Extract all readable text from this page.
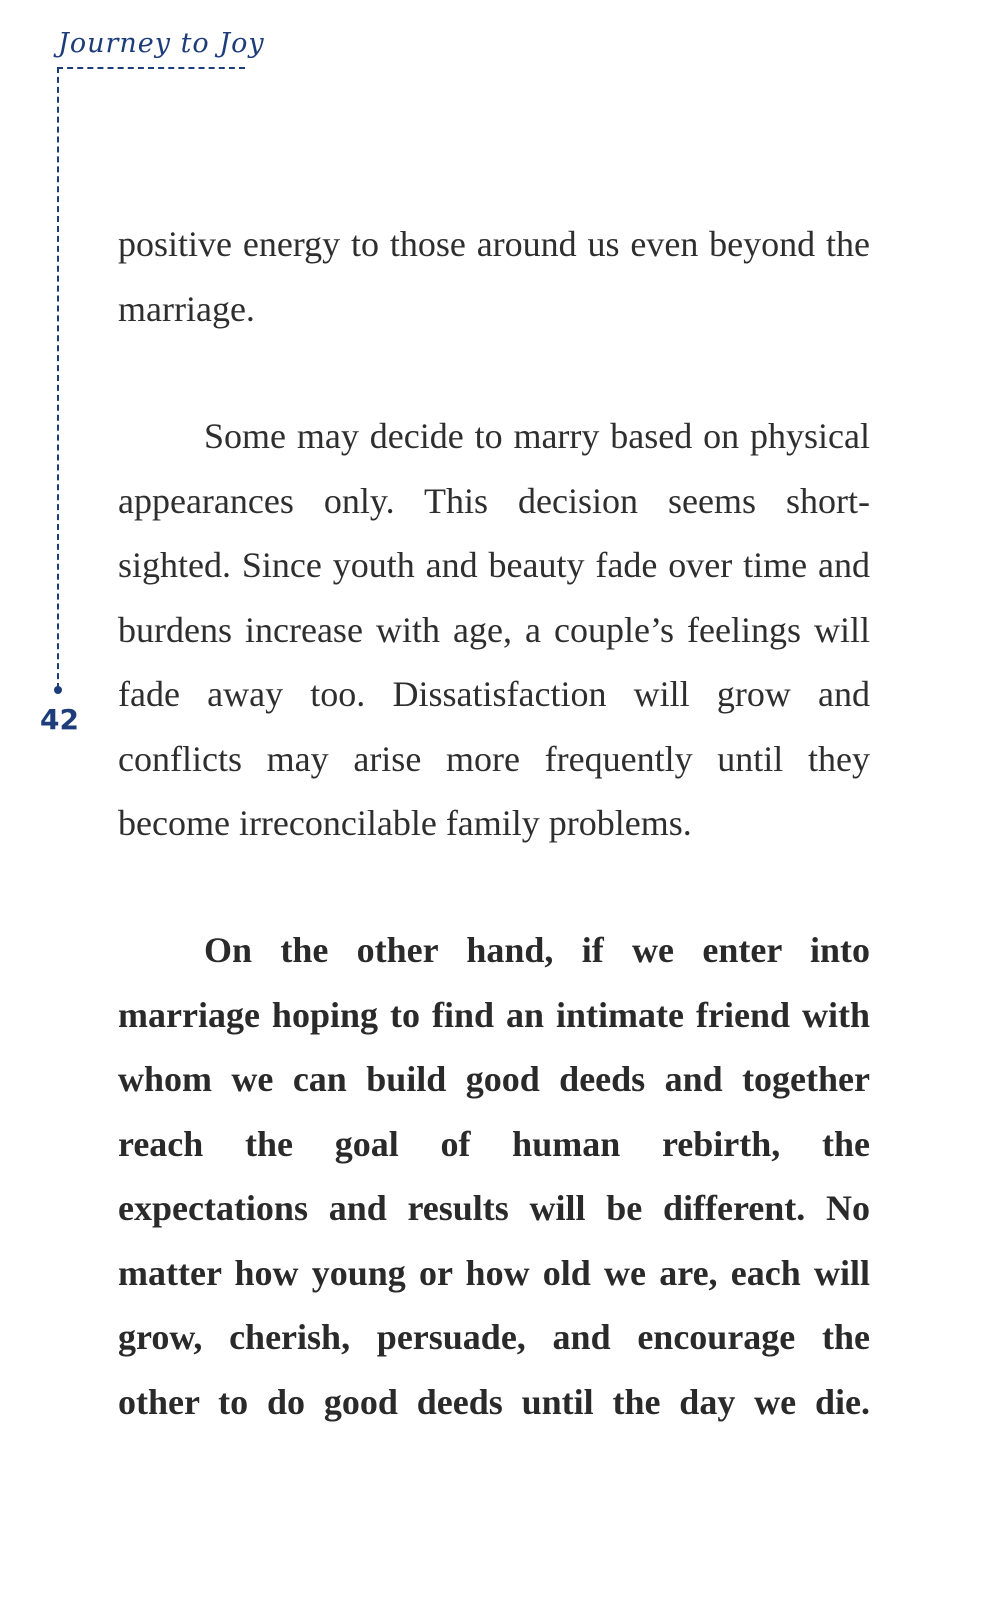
Journey to Joy
42

positive energy to those around us even beyond the marriage.

Some may decide to marry based on physical appearances only. This decision seems short-sighted. Since youth and beauty fade over time and burdens increase with age, a couple’s feelings will fade away too. Dissatisfaction will grow and conflicts may arise more frequently until they become irreconcilable family problems.

On the other hand, if we enter into marriage hoping to find an intimate friend with whom we can build good deeds and together reach the goal of human rebirth, the expectations and results will be different. No matter how young or how old we are, each will grow, cherish, persuade, and encourage the other to do good deeds until the day we die.
